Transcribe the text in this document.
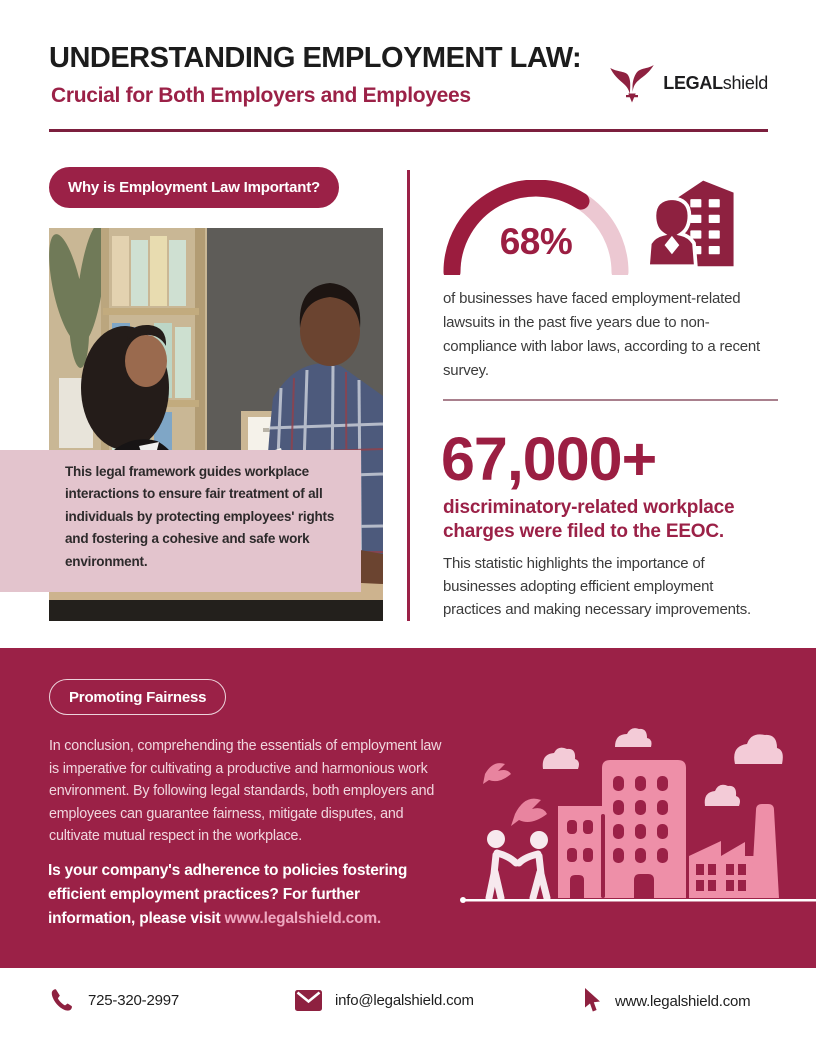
UNDERSTANDING EMPLOYMENT LAW:
Crucial for Both Employers and Employees
LEGALshield
Why is Employment Law Important?
This legal framework guides workplace interactions to ensure fair treatment of all individuals by protecting employees' rights and fostering a cohesive and safe work environment.
68%
of businesses have faced employment-related lawsuits in the past five years due to non-compliance with labor laws, according to a recent survey.
67,000+
discriminatory-related workplace charges were filed to the EEOC.
This statistic highlights the importance of businesses adopting efficient employment practices and making necessary improvements.
Promoting Fairness
In conclusion, comprehending the essentials of employment law is imperative for cultivating a productive and harmonious work environment. By following legal standards, both employers and employees can guarantee fairness, mitigate disputes, and cultivate mutual respect in the workplace.
Is your company's adherence to policies fostering efficient employment practices? For further information, please visit www.legalshield.com.
725-320-2997	info@legalshield.com	www.legalshield.com
